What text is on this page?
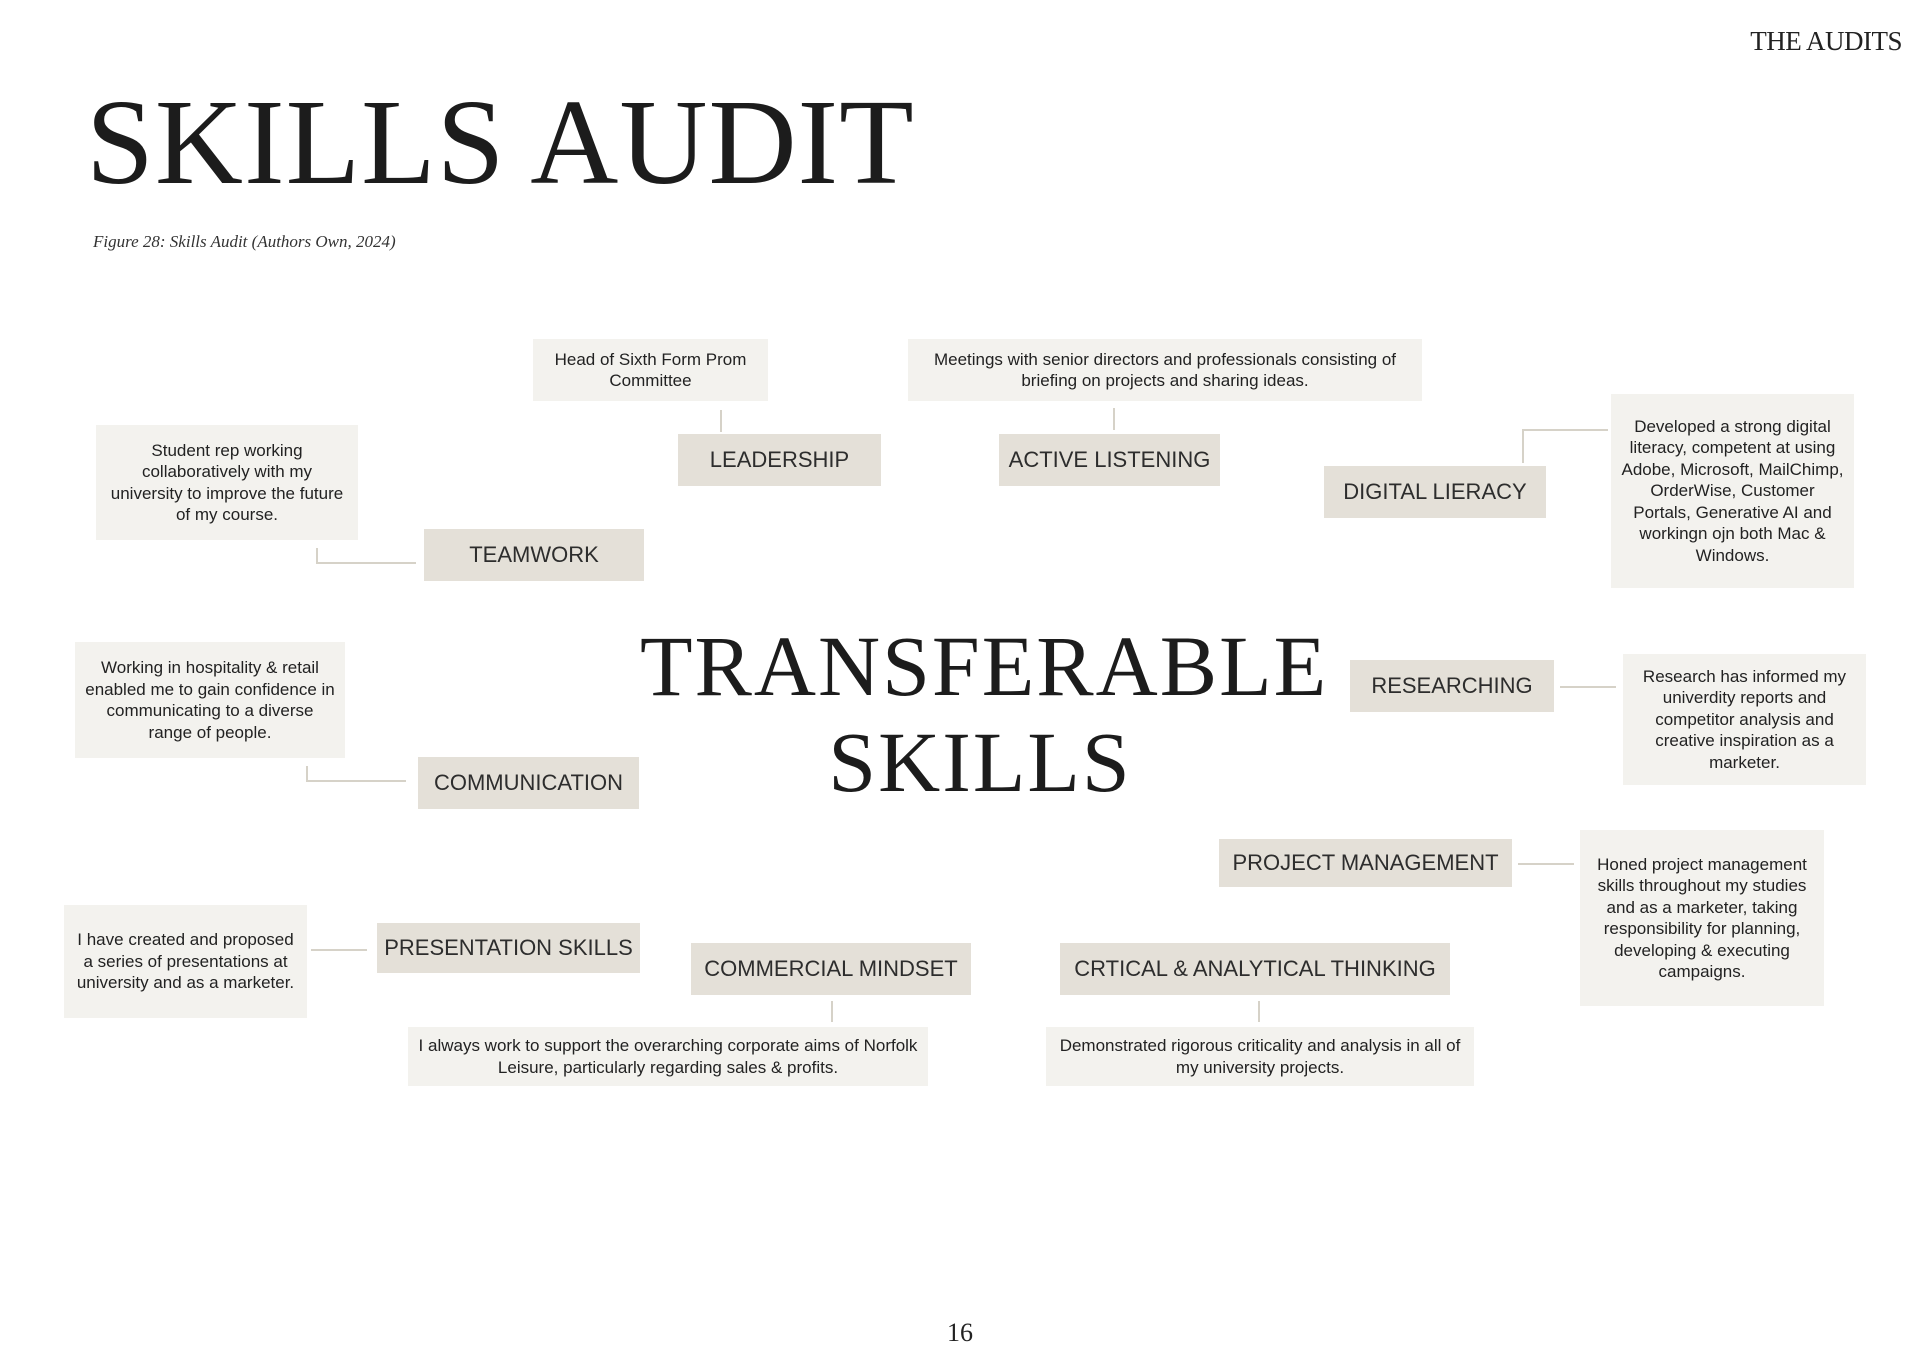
THE AUDITS
SKILLS AUDIT
Figure 28: Skills Audit (Authors Own, 2024)
TRANSFERABLE
SKILLS
Head of Sixth Form Prom Committee
LEADERSHIP
Meetings with senior directors and professionals consisting of briefing on projects and sharing ideas.
ACTIVE LISTENING
Student rep working collaboratively with my university to improve the future of my course.
TEAMWORK
DIGITAL LIERACY
Developed a strong digital literacy, competent at using Adobe, Microsoft, MailChimp, OrderWise, Customer Portals, Generative AI and workingn ojn both Mac & Windows.
Working in hospitality & retail enabled me to gain confidence in communicating to a diverse range of people.
COMMUNICATION
RESEARCHING	Research has informed my univerdity reports and competitor analysis and creative inspiration as a marketer.
PROJECT MANAGEMENT	Honed project management skills throughout my studies and as a marketer, taking responsibility for planning, developing & executing campaigns.
I have created and proposed a series of presentations at university and as a marketer.
PRESENTATION SKILLS
COMMERCIAL MINDSET
I always work to support the overarching corporate aims of Norfolk Leisure, particularly regarding sales & profits.
CRTICAL & ANALYTICAL THINKING
Demonstrated rigorous criticality and analysis in all of my university projects.
16
